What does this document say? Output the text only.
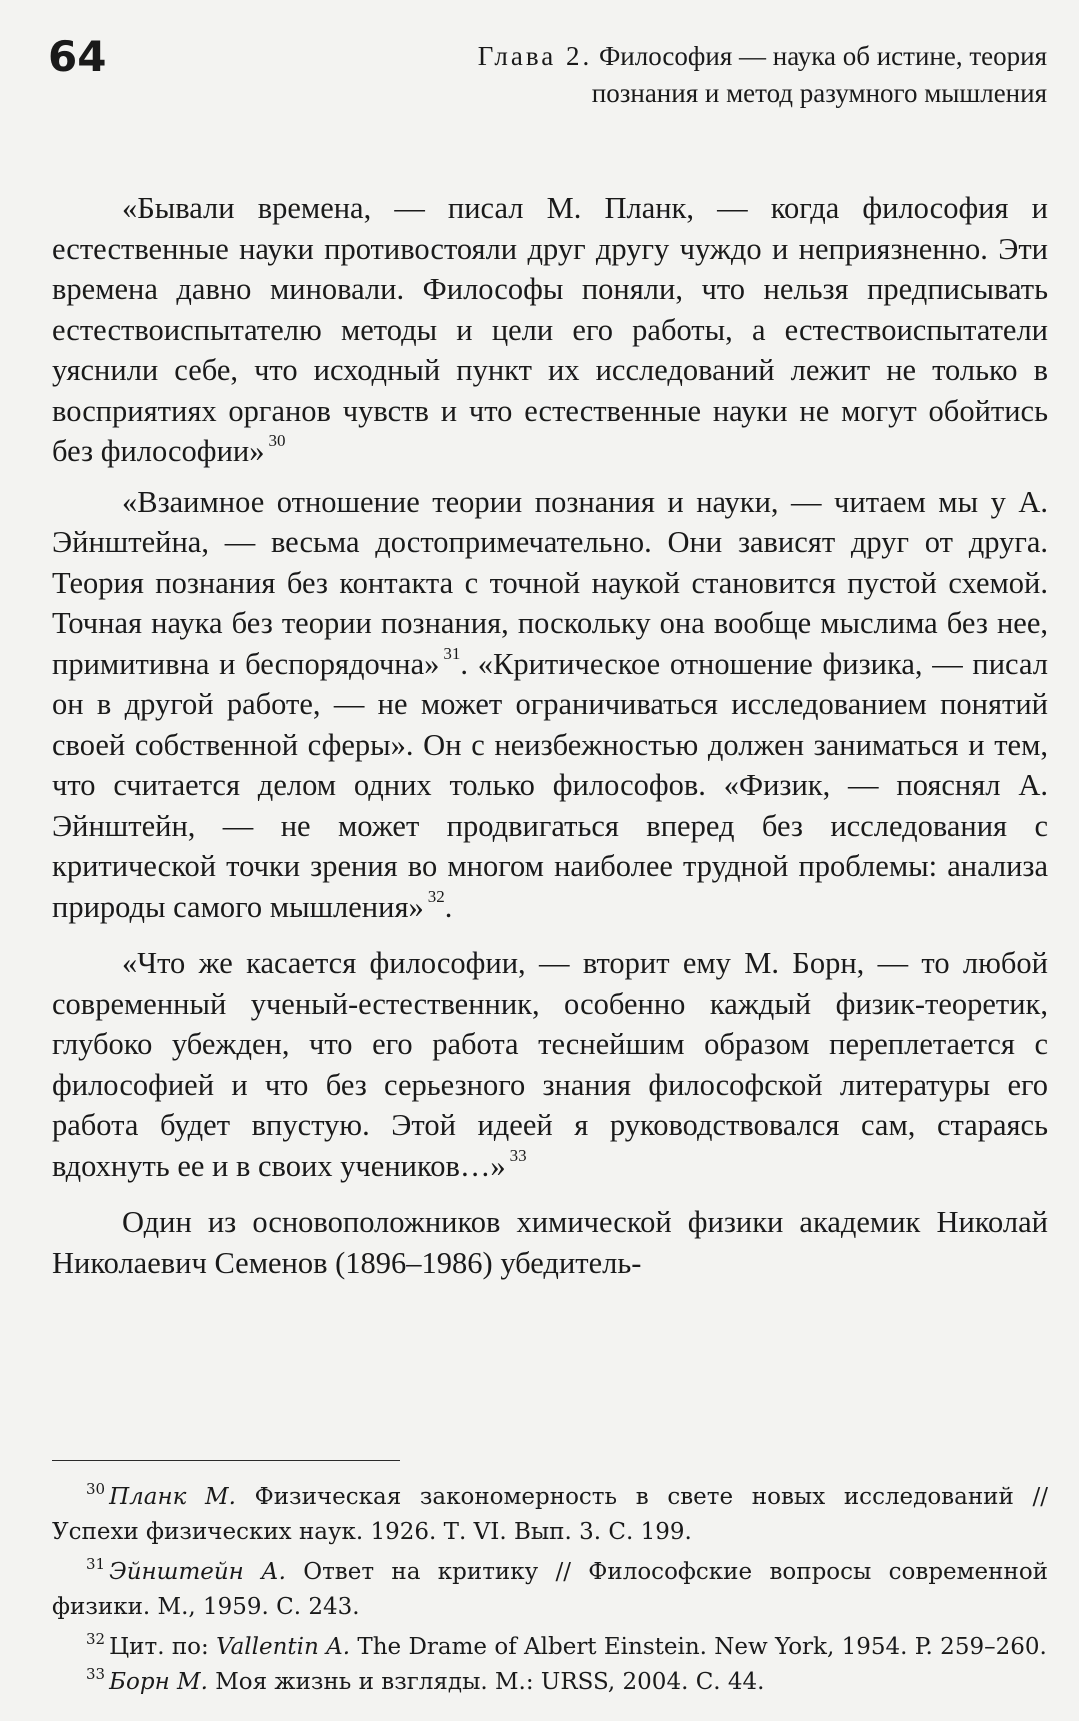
64	Глава 2. Философия — наука об истине, теория
познания и метод разумного мышления

«Бывали времена, — писал М. Планк, — когда философия и естественные науки противостояли друг другу чуждо и неприязненно. Эти времена давно миновали. Философы поняли, что нельзя предписывать естествоиспытателю методы и цели его работы, а естествоиспытатели уяснили себе, что исходный пункт их исследований лежит не только в восприятиях органов чувств и что естественные науки не могут обойтись без философии» $^{30}$

«Взаимное отношение теории познания и науки, — читаем мы у А. Эйнштейна, — весьма достопримечательно. Они зависят друг от друга. Теория познания без контакта с точной наукой становится пустой схемой. Точная наука без теории познания, поскольку она вообще мыслима без нее, примитивна и беспорядочна» $^{31}$. «Критическое отношение физика, — писал он в другой работе, — не может ограничиваться исследованием понятий своей собственной сферы». Он с неизбежностью должен заниматься и тем, что считается делом одних только философов. «Физик, — пояснял А. Эйнштейн, — не может продвигаться вперед без исследования с критической точки зрения во многом наиболее трудной проблемы: анализа природы самого мышления» $^{32}$.

«Что же касается философии, — вторит ему М. Борн, — то любой современный ученый-естественник, особенно каждый физик-теоретик, глубоко убежден, что его работа теснейшим образом переплетается с философией и что без серьезного знания философской литературы его работа будет впустую. Этой идеей я руководствовался сам, стараясь вдохнуть ее и в своих учеников…» $^{33}$

Один из основоположников химической физики академик Николай Николаевич Семенов (1896–1986) убедитель-

$^{30}$ Планк М. Физическая закономерность в свете новых исследований // Успехи физических наук. 1926. Т. VI. Вып. 3. С. 199.

$^{31}$ Эйнштейн А. Ответ на критику // Философские вопросы современной физики. М., 1959. С. 243.

$^{32}$ Цит. по: Vallentin A. The Drame of Albert Einstein. New York, 1954. P. 259–260.

$^{33}$ Борн М. Моя жизнь и взгляды. М.: URSS, 2004. С. 44.
